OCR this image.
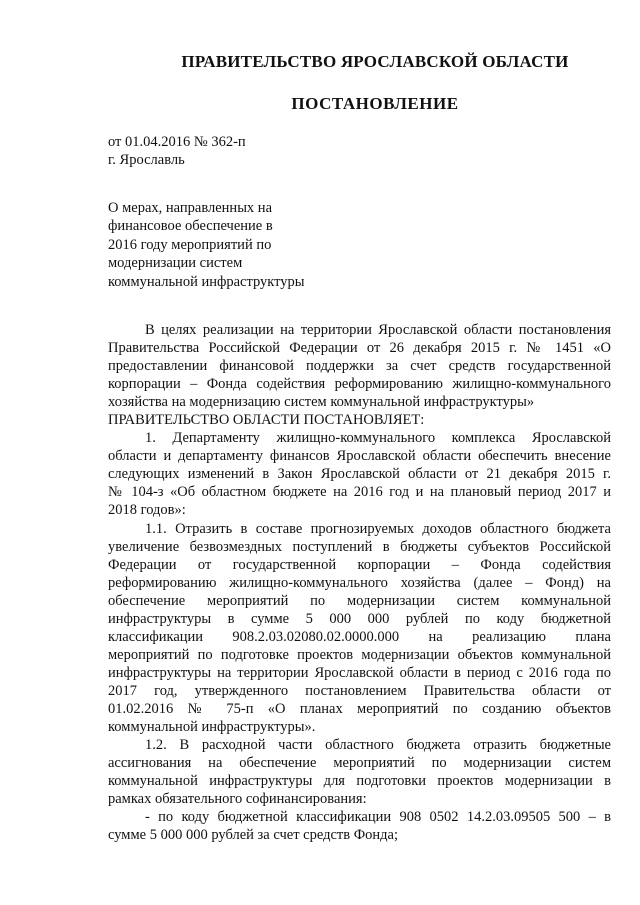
ПРАВИТЕЛЬСТВО ЯРОСЛАВСКОЙ ОБЛАСТИ
ПОСТАНОВЛЕНИЕ
от 01.04.2016 № 362-п
г. Ярославль
О мерах, направленных на
финансовое обеспечение в
2016 году мероприятий по
модернизации систем
коммунальной инфраструктуры

В целях реализации на территории Ярославской области постановления

Правительства Российской Федерации от 26 декабря 2015 г. № 1451 «О

предоставлении финансовой поддержки за счет средств государственной

корпорации – Фонда содействия реформированию жилищно-коммунального

хозяйства на модернизацию систем коммунальной инфраструктуры»

ПРАВИТЕЛЬСТВО ОБЛАСТИ ПОСТАНОВЛЯЕТ:

1. Департаменту жилищно-коммунального комплекса Ярославской

области и департаменту финансов Ярославской области обеспечить внесение

следующих изменений в Закон Ярославской области от 21 декабря 2015 г.

№ 104-з «Об областном бюджете на 2016 год и на плановый период 2017 и

2018 годов»:

1.1. Отразить в составе прогнозируемых доходов областного бюджета

увеличение безвозмездных поступлений в бюджеты субъектов Российской

Федерации от государственной корпорации – Фонда содействия

реформированию жилищно-коммунального хозяйства (далее – Фонд) на

обеспечение мероприятий по модернизации систем коммунальной

инфраструктуры в сумме 5 000 000 рублей по коду бюджетной

классификации 908.2.03.02080.02.0000.000 на реализацию плана

мероприятий по подготовке проектов модернизации объектов коммунальной

инфраструктуры на территории Ярославской области в период с 2016 года по

2017 год, утвержденного постановлением Правительства области от

01.02.2016 № 75-п «О планах мероприятий по созданию объектов

коммунальной инфраструктуры».

1.2. В расходной части областного бюджета отразить бюджетные

ассигнования на обеспечение мероприятий по модернизации систем

коммунальной инфраструктуры для подготовки проектов модернизации в

рамках обязательного софинансирования:

- по коду бюджетной классификации 908 0502 14.2.03.09505 500 – в

сумме 5 000 000 рублей за счет средств Фонда;
